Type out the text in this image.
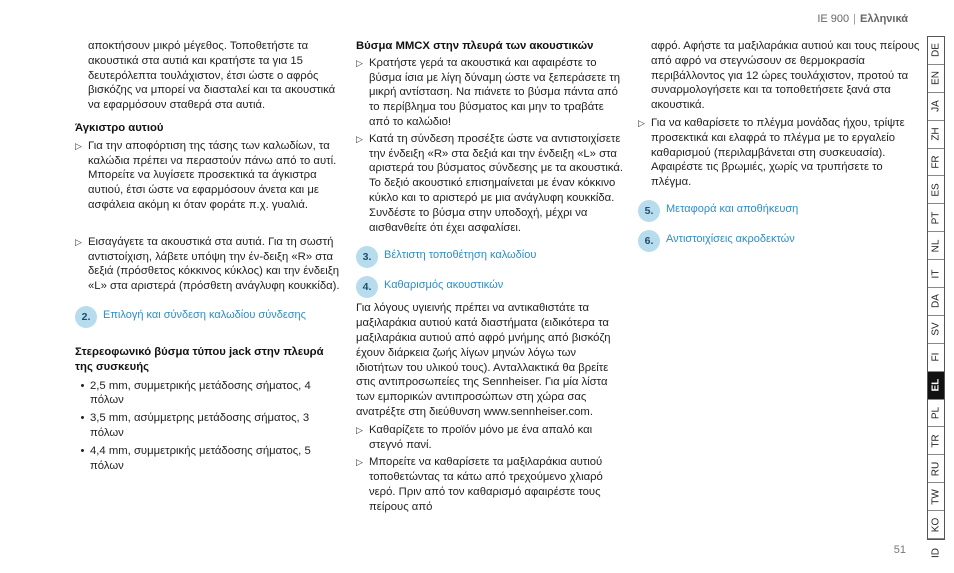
IE 900 | Ελληνικά

αποκτήσουν μικρό μέγεθος. Τοποθετήστε τα ακουστικά στα αυτιά και κρατήστε τα για 15 δευτερόλεπτα τουλάχιστον, έτσι ώστε ο αφρός βισκόζης να μπορεί να διασταλεί και τα ακουστικά να εφαρμόσουν σταθερά στα αυτιά.

Άγκιστρο αυτιού

▷ Για την αποφόρτιση της τάσης των καλωδίων, τα καλώδια πρέπει να περαστούν πάνω από το αυτί. Μπορείτε να λυγίσετε προσεκτικά τα άγκιστρα αυτιού, έτσι ώστε να εφαρμόσουν άνετα και με ασφάλεια ακόμη κι όταν φοράτε π.χ. γυαλιά.
▷ Εισαγάγετε τα ακουστικά στα αυτιά. Για τη σωστή αντιστοίχιση, λάβετε υπόψη την έν-δειξη «R» στα δεξιά (πρόσθετος κόκκινος κύκλος) και την ένδειξη «L» στα αριστερά (πρόσθετη ανάγλυφη κουκκίδα).
2.	Επιλογή και σύνδεση καλωδίου σύνδεσης

Στερεοφωνικό βύσμα τύπου jack στην πλευρά της συσκευής

• 2,5 mm, συμμετρικής μετάδοσης σήματος, 4 πόλων
• 3,5 mm, ασύμμετρης μετάδοσης σήματος, 3 πόλων
• 4,4 mm, συμμετρικής μετάδοσης σήματος, 5 πόλων

Βύσμα MMCX στην πλευρά των ακουστικών

▷ Κρατήστε γερά τα ακουστικά και αφαιρέστε το βύσμα ίσια με λίγη δύναμη ώστε να ξεπεράσετε τη μικρή αντίσταση. Να πιάνετε το βύσμα πάντα από το περίβλημα του βύσματος και μην το τραβάτε από το καλώδιο!
▷ Κατά τη σύνδεση προσέξτε ώστε να αντιστοιχίσετε την ένδειξη «R» στα δεξιά και την ένδειξη «L» στα αριστερά του βύσματος σύνδεσης με τα ακουστικά. Το δεξιό ακουστικό επισημαίνεται με έναν κόκκινο κύκλο και το αριστερό με μια ανάγλυφη κουκκίδα. Συνδέστε το βύσμα στην υποδοχή, μέχρι να αισθανθείτε ότι έχει ασφαλίσει.
3.	Βέλτιστη τοποθέτηση καλωδίου
4.	Καθαρισμός ακουστικών

Για λόγους υγιεινής πρέπει να αντικαθιστάτε τα μαξιλαράκια αυτιού κατά διαστήματα (ειδικότερα τα μαξιλαράκια αυτιού από αφρό μνήμης από βισκόζη έχουν διάρκεια ζωής λίγων μηνών λόγω των ιδιοτήτων του υλικού τους). Ανταλλακτικά θα βρείτε στις αντιπροσωπείες της Sennheiser. Για μία λίστα των εμπορικών αντιπροσώπων στη χώρα σας ανατρέξτε στη διεύθυνση www.sennheiser.com.

▷ Καθαρίζετε το προϊόν μόνο με ένα απαλό και στεγνό πανί.
▷ Μπορείτε να καθαρίσετε τα μαξιλαράκια αυτιού τοποθετώντας τα κάτω από τρεχούμενο χλιαρό νερό. Πριν από τον καθαρισμό αφαιρέστε τους πείρους από

αφρό. Αφήστε τα μαξιλαράκια αυτιού και τους πείρους από αφρό να στεγνώσουν σε θερμοκρασία περιβάλλοντος για 12 ώρες τουλάχιστον, προτού τα συναρμολογήσετε και τα τοποθετήσετε ξανά στα ακουστικά.

▷ Για να καθαρίσετε το πλέγμα μονάδας ήχου, τρίψτε προσεκτικά και ελαφρά το πλέγμα με το εργαλείο καθαρισμού (περιλαμβάνεται στη συσκευασία). Αφαιρέστε τις βρωμιές, χωρίς να τρυπήσετε το πλέγμα.
5.	Μεταφορά και αποθήκευση
6.	Αντιστοιχίσεις ακροδεκτών
DE
EN
JA
ZH
FR
ES
PT
NL
IT
DA
SV
FI
EL
PL
TR
RU
TW
KO
ID
51
